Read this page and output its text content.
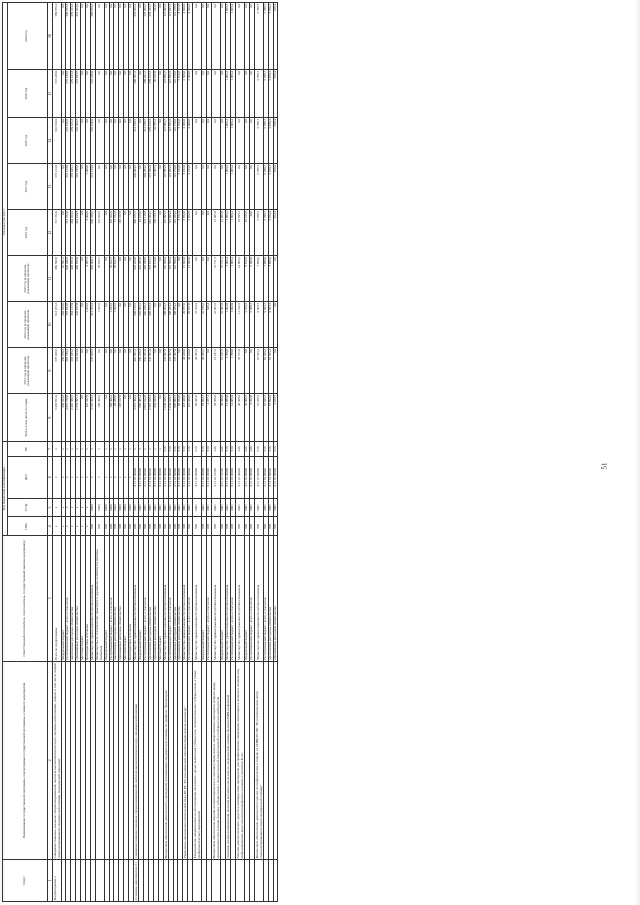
Статус	Наименование государственной программы, подпрограммы государственной программы, основного мероприятия	Ответственный исполнитель, соисполнитель, государственный заказчик-координатор	Код бюджетной классификации				Расходы (тыс.руб.)								
			ГРБС	Рз Пр	ЦСР	ВР	Всего, в том числе по годам	2013 год (в пределах реализации проектов)	2014 год (в пределах реализации проектов)	2015 год (в пределах реализации проектов)	2016 год	2017 год	2018 год	2019 год	2020 год
1	2	3	4	5	6	7	8	9	10	11	12	13	14	15	16
Подпрограмма 2	Совершенствование оказания специализированной, включая высокотехнологичную, медицинской помощи, скорой, в том числе скорой специализированной, медицинской помощи, медицинской эвакуации	Всего по подпрограмме	х	х	х	х	5 468 851,0	678 028,5	913 973,3	980 698,8	717 372,0	573 213,9	545 919,9	537 248,9	589 876,3
		Федеральный бюджет	х	х	х	х	409 523,4	159 279,3	204 553,0	45 691,1	0,0	0,0	0,0	0,0	0,0
		Республиканский бюджет - всего, в том числе:	х	х	х	х	4 957 779,8	518 749,2	707 955,8	930 040,5	713 372,0	572 213,9	545 919,9	537 248,9	589 876,3
		заключенные расходные обязательства	х	х	х	х	2 401 388,7	265 925,3	364 117,9	449 181,6	294 353,2	270 445,1	279 413,3	279 413,3	279 413,3
		принимаемые расходные обязательства	х	х	х	х	2 556 391,1	252 823,9	343 837,9	480 858,9	419 018,8	301 768,8	266 506,6	257 835,6	310 463,0
		Местный бюджет	х	х	х	х	0,0	0,0	0,0	0,0	0,0	0,0	0,0	0,0	0,0
		Внебюджетные источники	х	х	х	х	101 547,8	0,0	1 464,5	4 967,2	4 000,0	1 000,0	0,0	0,0	0,0
		Министерство здравоохранения Республики Калмыкия	848	0900	х	х	5 270 454,7	678 028,5	913 073,3	902 408,1	649 708,5	573 213,9	545 919,9	537 248,9	589 876,3
		Министерство по строительству, транспорту и дорожному хозяйству Республики Калмыкия	848	0900	х	х	198 396,3	0,0	1 293,5	78 622,7	118 463,5	0,0	0,0	0,0	0,0
		Федеральный бюджет	848	0900	х	х	0,0	0,0	0,0	0,0	0,0	0,0	0,0	0,0	0,0
		Республиканский бюджет - всего, в том числе:	848	0900	х	х	198 396,3	0,0	1 293,5	78 622,7	118 463,5	0,0	0,0	0,0	0,0
		заключенные расходные обязательства	848	0900	х	х	93 288,5	0,0	1 293,5	78 622,7	13 372,3	0,0	0,0	0,0	0,0
		принимаемые расходные обязательства	848	0900	х	х	105 107,8	0,0	0,0	0,0	105 107,8	0,0	0,0	0,0	0,0
		Местный бюджет	848	0900	х	х	0,0	0,0	0,0	0,0	0,0	0,0	0,0	0,0	0,0
		Внебюджетные источники	848	0900	х	х	0,0	0,0	0,0	0,0	0,0	0,0	0,0	0,0	0,0
Основное мероприятие 2.1	Совершенствование оказания специализированной, включая высокотехнологичную, медицинской помощи	Министерство здравоохранения Республики Калмыкия	848	0901	01 2 01 00000	х	3 451 394,2	491 841,2	699 156,5	670 424,8	394 375,7	304 484,3	314 198,5	299 661,2	279 956,3
		Федеральный бюджет	848	0901	01 2 01 00000	х	599 481,4	159 279,3	202 906,2	222 386,8	22 256,9	0,0	0,0	0,0	0,0
		Республиканский бюджет - всего, в том числе:	848	0901	01 2 01 00000	х	2 851 912,8	332 561,9	496 250,3	448 038,0	372 118,8	304 484,3	314 198,5	299 661,2	279 956,3
		заключенные расходные обязательства	848	0901	01 2 01 00000	х	2 597 268,2	332 561,9	496 250,3	357 913,1	241 384,1	277 396,9	279 413,3	279 413,3	279 413,3
		принимаемые расходные обязательства	848	0901	01 2 01 00000	х	254 644,6	0,0	0,0	90 124,9	130 734,7	27 087,4	34 785,2	20 247,9	543,0
		Местный бюджет	848	0901	01 2 01 00000	х	0,0	0,0	0,0	0,0	0,0	0,0	0,0	0,0	0,0
	Финансовое обеспечение деятельности учреждений, оказывающих медицинскую помощь по профилю "фтизиатрия"	Министерство здравоохранения Республики Калмыкия	848	0901	01 2 01 00000	610	1 039 520,7	137 507,9	108 284,3	125 599,3	127 895,6	127 895,6	127 895,6	127 895,6	127 895,6
		Республиканский бюджет - всего, в том числе:	848	0901	01 2 01 00000	610	1 039 520,7	137 507,9	108 284,3	125 599,3	127 895,6	127 895,6	127 895,6	127 895,6	127 895,6
		заключенные расходные обязательства	848	0901	01 2 01 00000	610	988 886,1	137 507,9	108 284,3	125 599,3	123 284,2	122 278,8	122 278,8	122 278,8	122 278,8
		принимаемые расходные обязательства	848	0901	01 2 01 00000	610	50 634,6	0,0	0,0	0,0	4 611,4	5 616,8	5 616,8	5 616,8	5 616,8
	Укрепление материально-технической базы БУ РК "Республиканский противотуберкулезный диспансер"	Министерство здравоохранения Республики Калмыкия	848	0901	01 2 01 00000	610	118 430,0	43 220,0	29 877,0	15 093,0	6 852,0	3 252,0	4 000,0	2 500,0	4 500,0
		Республиканский бюджет - всего, в том числе:	848	0901	01 2 01 00000	610	118 430,0	43 220,0	29 877,0	15 093,0	6 852,0	3 252,0	4 000,0	2 500,0	4 500,0
	Мероприятия, направленные на обследование населения с целью выявления туберкулеза, лечения больных туберкулезом, а также профилактических мероприятий	Министерство здравоохранения Республики Калмыкия	848	0901	01 2 01 00000	610	60 441,8	29 285,5	27 325,5	0,0	0,0	0,0	0,0	0,0	0,0
		Федеральный бюджет	848	0901	01 2 01 00000	610	55 964,7	29 285,5	26 679,2	0,0	0,0	0,0	0,0	0,0	0,0
		Республиканский бюджет - всего, в том числе:	848	0901	01 2 01 00000	610	4 477,1	0,0	646,3	0,0	0,0	0,0	0,0	0,0	0,0
	Финансовое обеспечение закупок антибактериальных и противотуберкулезных лекарственных препаратов (второго ряда), применяемых при лечении больных туберкулезом с множественной лекарственной устойчивостью возбудителя	Министерство здравоохранения Республики Калмыкия	848	0901	01 2 01 51740	240	59 580,8	13 231,5	22 601,6	10 711,1	12 981,8	0,0	0,0	0,0	0,0
		Федеральный бюджет	848	0901	01 2 01 51740	240	59 580,8	13 231,5	22 601,6	10 711,1	12 981,8	0,0	0,0	0,0	0,0
	Оказание специализированной, включая высокотехнологичную, медицинской помощи больным ВИЧ-инфекцией	Министерство здравоохранения Республики Калмыкия	848	0901	01 2 01 00000	610	14 985,9	1 799,8	1 002,9	1 905,2	1 905,2	1 905,2	1 905,2	1 905,2	1 905,2
		Республиканский бюджет - всего, в том числе:	848	0901	01 2 01 00000	610	14 985,9	1 799,8	1 002,9	1 905,2	1 905,2	1 905,2	1 905,2	1 905,2	1 905,2
	Закупки диагностических средств и антивирусных препаратов для профилактики, выявления, мониторинга лечения и лечения лиц, инфицированных вирусами иммунодефицита человека и гепатитов В и С	Министерство здравоохранения Республики Калмыкия	848	0901	01 2 01 00000	240	40 589,6	36 571,8	11 742,5	14 806,5	10 295,5	0,0	0,0	0,0	0,0
		Федеральный бюджет	848	0901	01 2 01 00000	240	30 886,7	0,0	5 354,2	8 816,5	10 255,5	0,0	0,0	0,0	0,0
		Республиканский бюджет - всего, в том числе:	848	0901	01 2 01 00000	240	9 702,9	0,0	6 388,3	5 990,0	40,0	0,0	0,0	0,0	0,0
	Финансовое обеспечение деятельности центра по профилактике и борьбе со СПИД БУ РК "Республиканский центр специализированных видов медицинской помощи"	Министерство здравоохранения Республики Калмыкия	848	0901	01 2 01 00000	610	61 835,3	10 625,3	9 503,7	7 880,0	6 788,7	6 788,7	6 788,7	6 788,7	6 788,7
		Республиканский бюджет - всего, в том числе:	848	0901	01 2 01 00000	610	61 835,3	10 625,3	9 503,7	7 880,0	6 788,7	6 788,7	6 788,7	6 788,7	6 788,7
		заключенные расходные обязательства	848	0901	01 2 01 00000	610	57 864,6	10 625,3	9 503,7	7 880,0	5 974,4	5 970,3	5 970,3	5 970,3	5 970,3
		принимаемые расходные обязательства	848	0901	01 2 01 00000	610	3 970,7	0,0	0,0	0,0	814,3	818,4	818,4	818,4	818,4
51
